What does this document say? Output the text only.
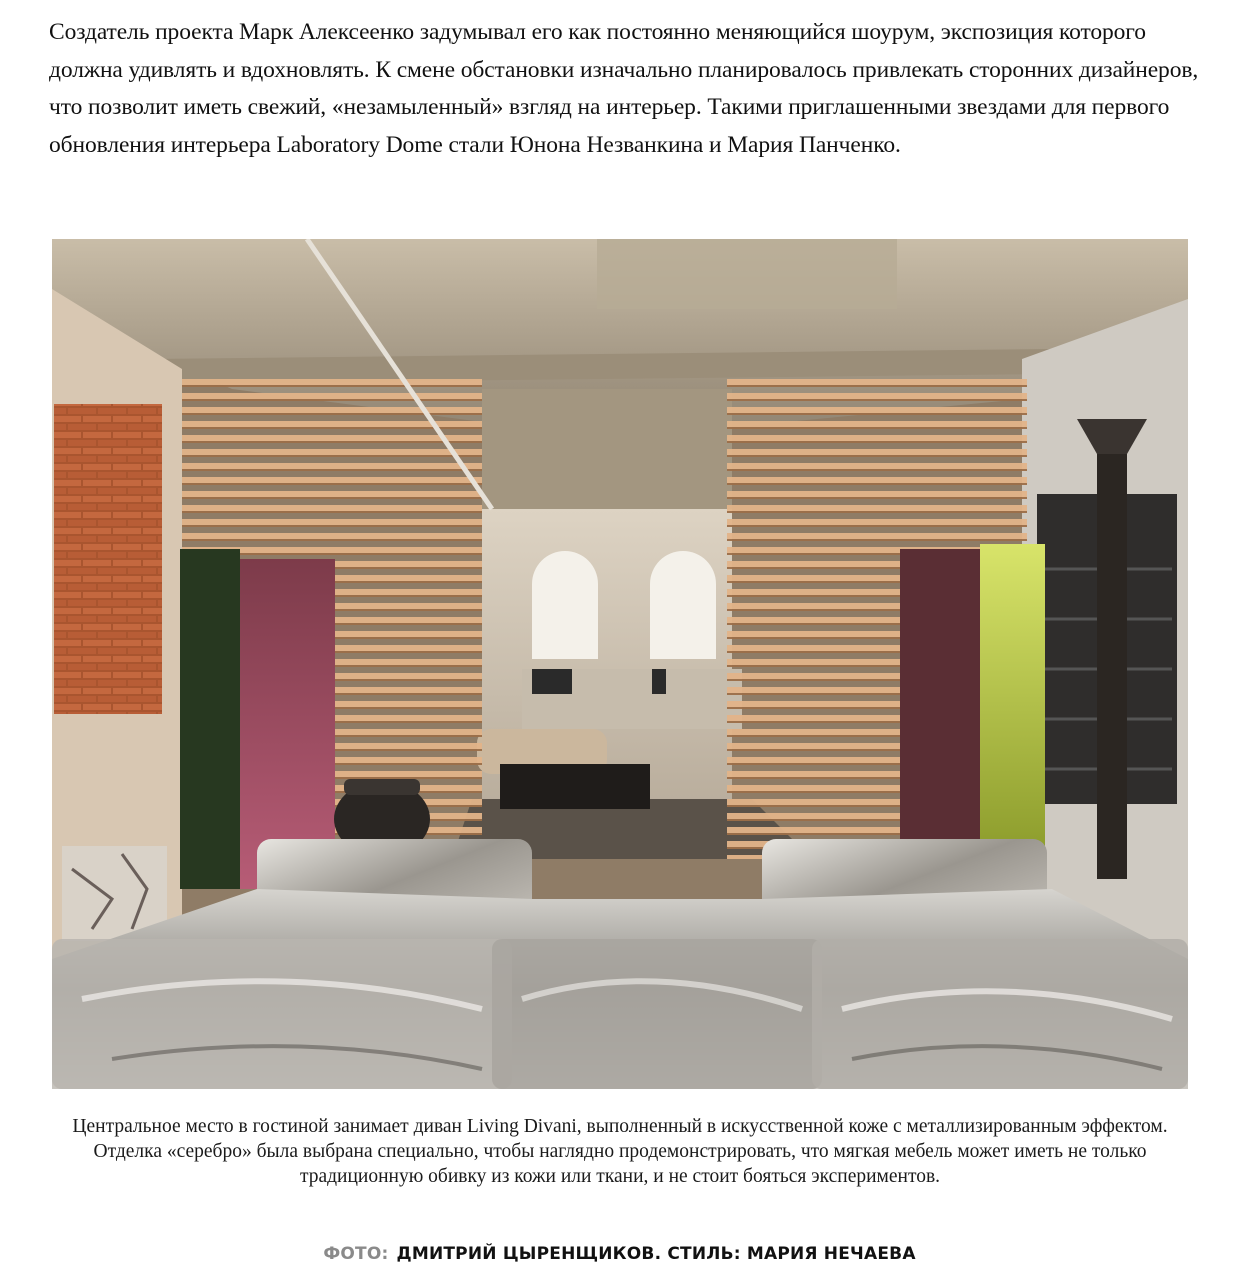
Создатель проекта Марк Алексеенко задумывал его как постоянно меняющийся шоурум, экспозиция которого должна удивлять и вдохновлять. К смене обстановки изначально планировалось привлекать сторонних дизайнеров, что позволит иметь свежий, «незамыленный» взгляд на интерьер. Такими приглашенными звездами для первого обновления интерьера Laboratory Dome стали Юнона Незванкина и Мария Панченко.

Центральное место в гостиной занимает диван Living Divani, выполненный в искусственной коже с металлизированным эффектом. Отделка «серебро» была выбрана специально, чтобы наглядно продемонстрировать, что мягкая мебель может иметь не только традиционную обивку из кожи или ткани, и не стоит бояться экспериментов.

ФОТО: ДМИТРИЙ ЦЫРЕНЩИКОВ. СТИЛЬ: МАРИЯ НЕЧАЕВА
